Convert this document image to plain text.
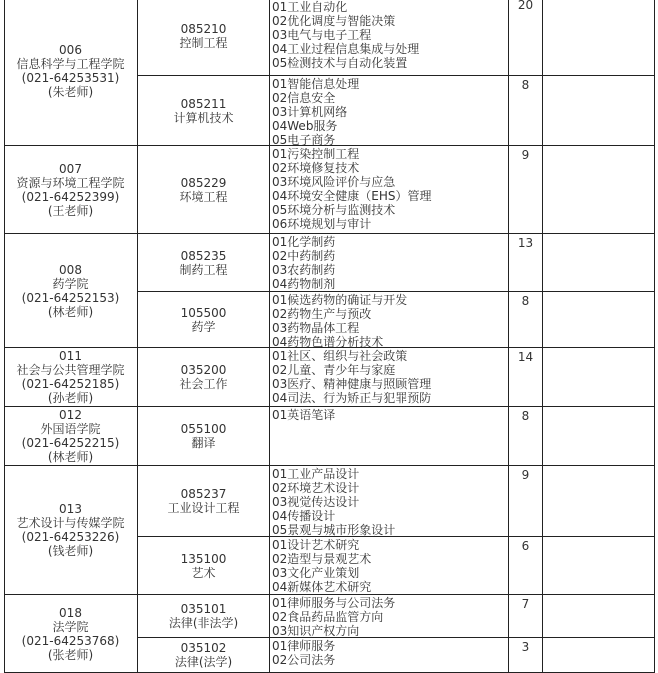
006
信息科学与工程学院
(021-64253531)
(朱老师)
085210
控制工程
01工业自动化
02优化调度与智能决策
03电气与电子工程
04工业过程信息集成与处理
05检测技术与自动化装置
20
085211
计算机技术
01智能信息处理
02信息安全
03计算机网络
04Web服务
05电子商务
8
007
资源与环境工程学院
(021-64252399)
(王老师)
085229
环境工程
01污染控制工程
02环境修复技术
03环境风险评价与应急
04环境安全健康（EHS）管理
05环境分析与监测技术
06环境规划与审计
9
008
药学院
(021-64252153)
(林老师)
085235
制药工程
01化学制药
02中药制药
03农药制药
04药物制剂
13
105500
药学
01候选药物的确证与开发
02药物生产与预改
03药物晶体工程
04药物色谱分析技术
8
011
社会与公共管理学院
(021-64252185)
(孙老师)
035200
社会工作
01社区、组织与社会政策
02儿童、青少年与家庭
03医疗、精神健康与照顾管理
04司法、行为矫正与犯罪预防
14
012
外国语学院
(021-64252215)
(林老师)
055100
翻译
01英语笔译	8
013
艺术设计与传媒学院
(021-64253226)
(钱老师)
085237
工业设计工程
01工业产品设计
02环境艺术设计
03视觉传达设计
04传播设计
05景观与城市形象设计
9
135100
艺术
01设计艺术研究
02造型与景观艺术
03文化产业策划
04新媒体艺术研究
6
018
法学院
(021-64253768)
(张老师)
035101
法律(非法学)
01律师服务与公司法务
02食品药品监管方向
03知识产权方向
7
035102
法律(法学)
01律师服务
02公司法务
3
